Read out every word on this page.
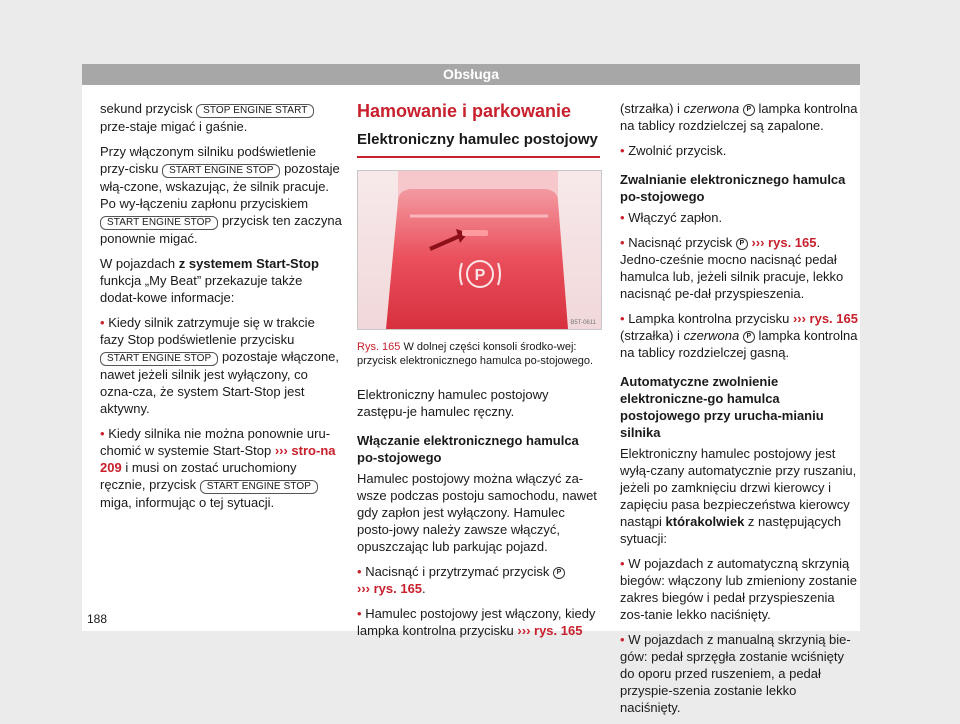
Obsługa

sekund przycisk STOP ENGINE START prze-staje migać i gaśnie.

Przy włączonym silniku podświetlenie przy-cisku START ENGINE STOP pozostaje włą-czone, wskazując, że silnik pracuje. Po wy-łączeniu zapłonu przyciskiem
START ENGINE STOP przycisk ten zaczyna ponownie migać.

W pojazdach z systemem Start-Stop funkcja „My Beat” przekazuje także dodat-kowe informacje:

• Kiedy silnik zatrzymuje się w trakcie fazy Stop podświetlenie przycisku
START ENGINE STOP pozostaje włączone, nawet jeżeli silnik jest wyłączony, co ozna-cza, że system Start-Stop jest aktywny.

• Kiedy silnika nie można ponownie uru-chomić w systemie Start-Stop ››› stro-na 209 i musi on zostać uruchomiony ręcznie, przycisk START ENGINE STOP miga, informując o tej sytuacji.

Hamowanie i parkowanie
Elektroniczny hamulec postojowy
P
B5T-0611
Rys. 165 W dolnej części konsoli środko-wej: przycisk elektronicznego hamulca po-stojowego.

Elektroniczny hamulec postojowy zastępu-je hamulec ręczny.

Włączanie elektronicznego hamulca po-stojowego

Hamulec postojowy można włączyć za-wsze podczas postoju samochodu, nawet gdy zapłon jest wyłączony. Hamulec posto-jowy należy zawsze włączyć, opuszczając lub parkując pojazd.

• Nacisnąć i przytrzymać przycisk P
››› rys. 165.

• Hamulec postojowy jest włączony, kiedy lampka kontrolna przycisku ››› rys. 165

(strzałka) i czerwona P lampka kontrolna na tablicy rozdzielczej są zapalone.

• Zwolnić przycisk.

Zwalnianie elektronicznego hamulca po-stojowego

• Włączyć zapłon.

• Nacisnąć przycisk P ››› rys. 165. Jedno-cześnie mocno nacisnąć pedał hamulca lub, jeżeli silnik pracuje, lekko nacisnąć pe-dał przyspieszenia.

• Lampka kontrolna przycisku ››› rys. 165 (strzałka) i czerwona P lampka kontrolna na tablicy rozdzielczej gasną.

Automatyczne zwolnienie elektroniczne-go hamulca postojowego przy urucha-mianiu silnika

Elektroniczny hamulec postojowy jest wyłą-czany automatycznie przy ruszaniu, jeżeli po zamknięciu drzwi kierowcy i zapięciu pasa bezpieczeństwa kierowcy nastąpi którakolwiek z następujących sytuacji:

• W pojazdach z automatyczną skrzynią biegów: włączony lub zmieniony zostanie zakres biegów i pedał przyspieszenia zos-tanie lekko naciśnięty.

• W pojazdach z manualną skrzynią bie-gów: pedał sprzęgła zostanie wciśnięty do oporu przed ruszeniem, a pedał przyspie-szenia zostanie lekko naciśnięty.

188
